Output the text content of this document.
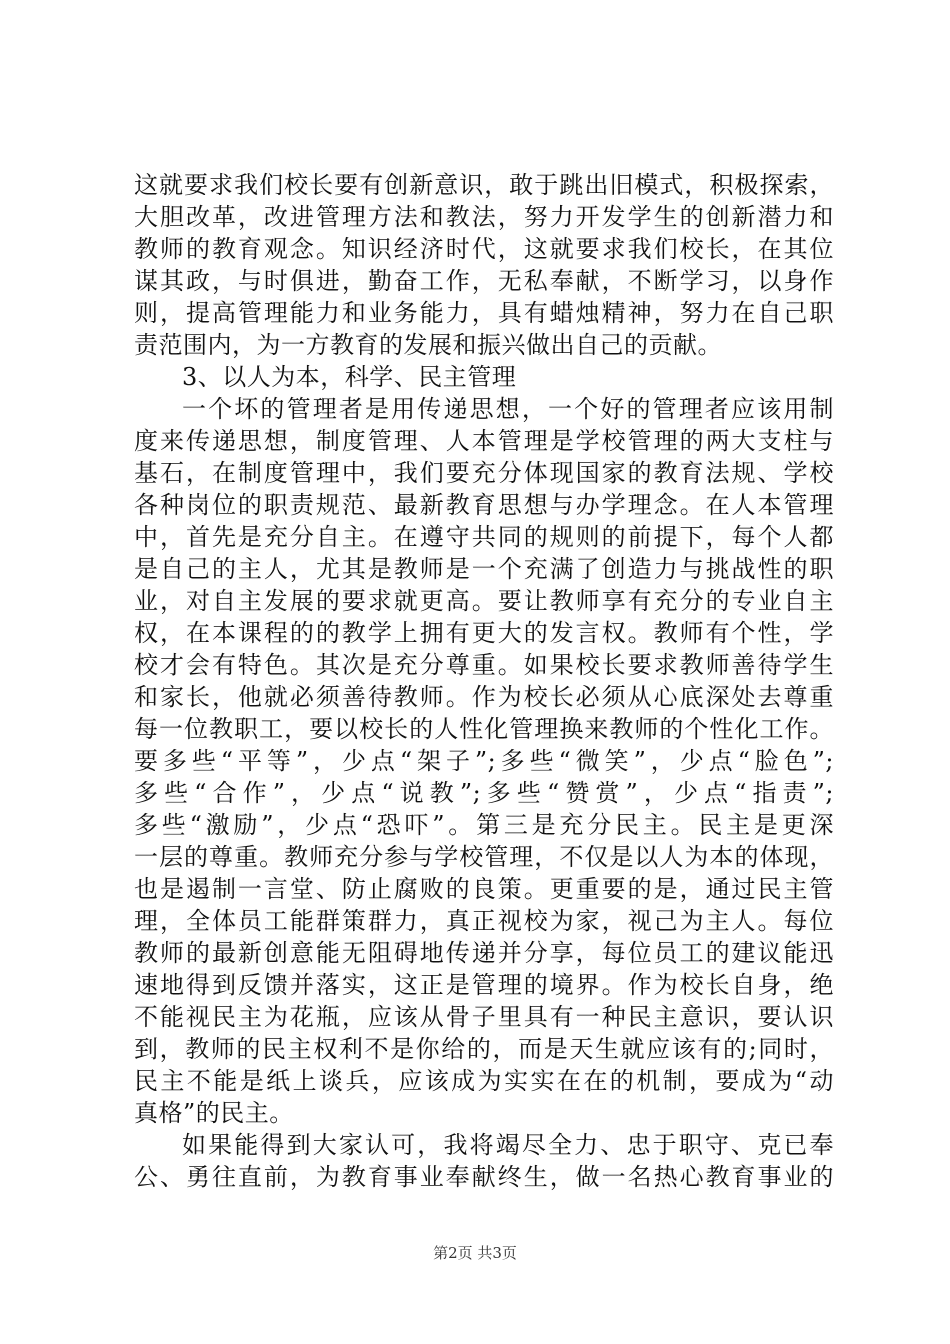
这就要求我们校长要有创新意识，敢于跳出旧模式，积极探索，
大胆改革，改进管理方法和教法，努力开发学生的创新潜力和
教师的教育观念。知识经济时代，这就要求我们校长，在其位
谋其政，与时俱进，勤奋工作，无私奉献，不断学习，以身作
则，提高管理能力和业务能力，具有蜡烛精神，努力在自己职
责范围内，为一方教育的发展和振兴做出自己的贡献。
3、以人为本，科学、民主管理
一个坏的管理者是用传递思想，一个好的管理者应该用制
度来传递思想，制度管理、人本管理是学校管理的两大支柱与
基石，在制度管理中，我们要充分体现国家的教育法规、学校
各种岗位的职责规范、最新教育思想与办学理念。在人本管理
中，首先是充分自主。在遵守共同的规则的前提下，每个人都
是自己的主人，尤其是教师是一个充满了创造力与挑战性的职
业，对自主发展的要求就更高。要让教师享有充分的专业自主
权，在本课程的的教学上拥有更大的发言权。教师有个性，学
校才会有特色。其次是充分尊重。如果校长要求教师善待学生
和家长，他就必须善待教师。作为校长必须从心底深处去尊重
每一位教职工，要以校长的人性化管理换来教师的个性化工作。
要多些“平等”，少点“架子”;多些“微笑”，少点“脸色”;
多些“合作”，少点“说教”;多些“赞赏”，少点“指责”;
多些“激励”，少点“恐吓”。第三是充分民主。民主是更深
一层的尊重。教师充分参与学校管理，不仅是以人为本的体现，
也是遏制一言堂、防止腐败的良策。更重要的是，通过民主管
理，全体员工能群策群力，真正视校为家，视己为主人。每位
教师的最新创意能无阻碍地传递并分享，每位员工的建议能迅
速地得到反馈并落实，这正是管理的境界。作为校长自身，绝
不能视民主为花瓶，应该从骨子里具有一种民主意识，要认识
到，教师的民主权利不是你给的，而是天生就应该有的;同时，
民主不能是纸上谈兵，应该成为实实在在的机制，要成为“动
真格”的民主。
如果能得到大家认可，我将竭尽全力、忠于职守、克已奉
公、勇往直前，为教育事业奉献终生，做一名热心教育事业的
第2页 共3页
